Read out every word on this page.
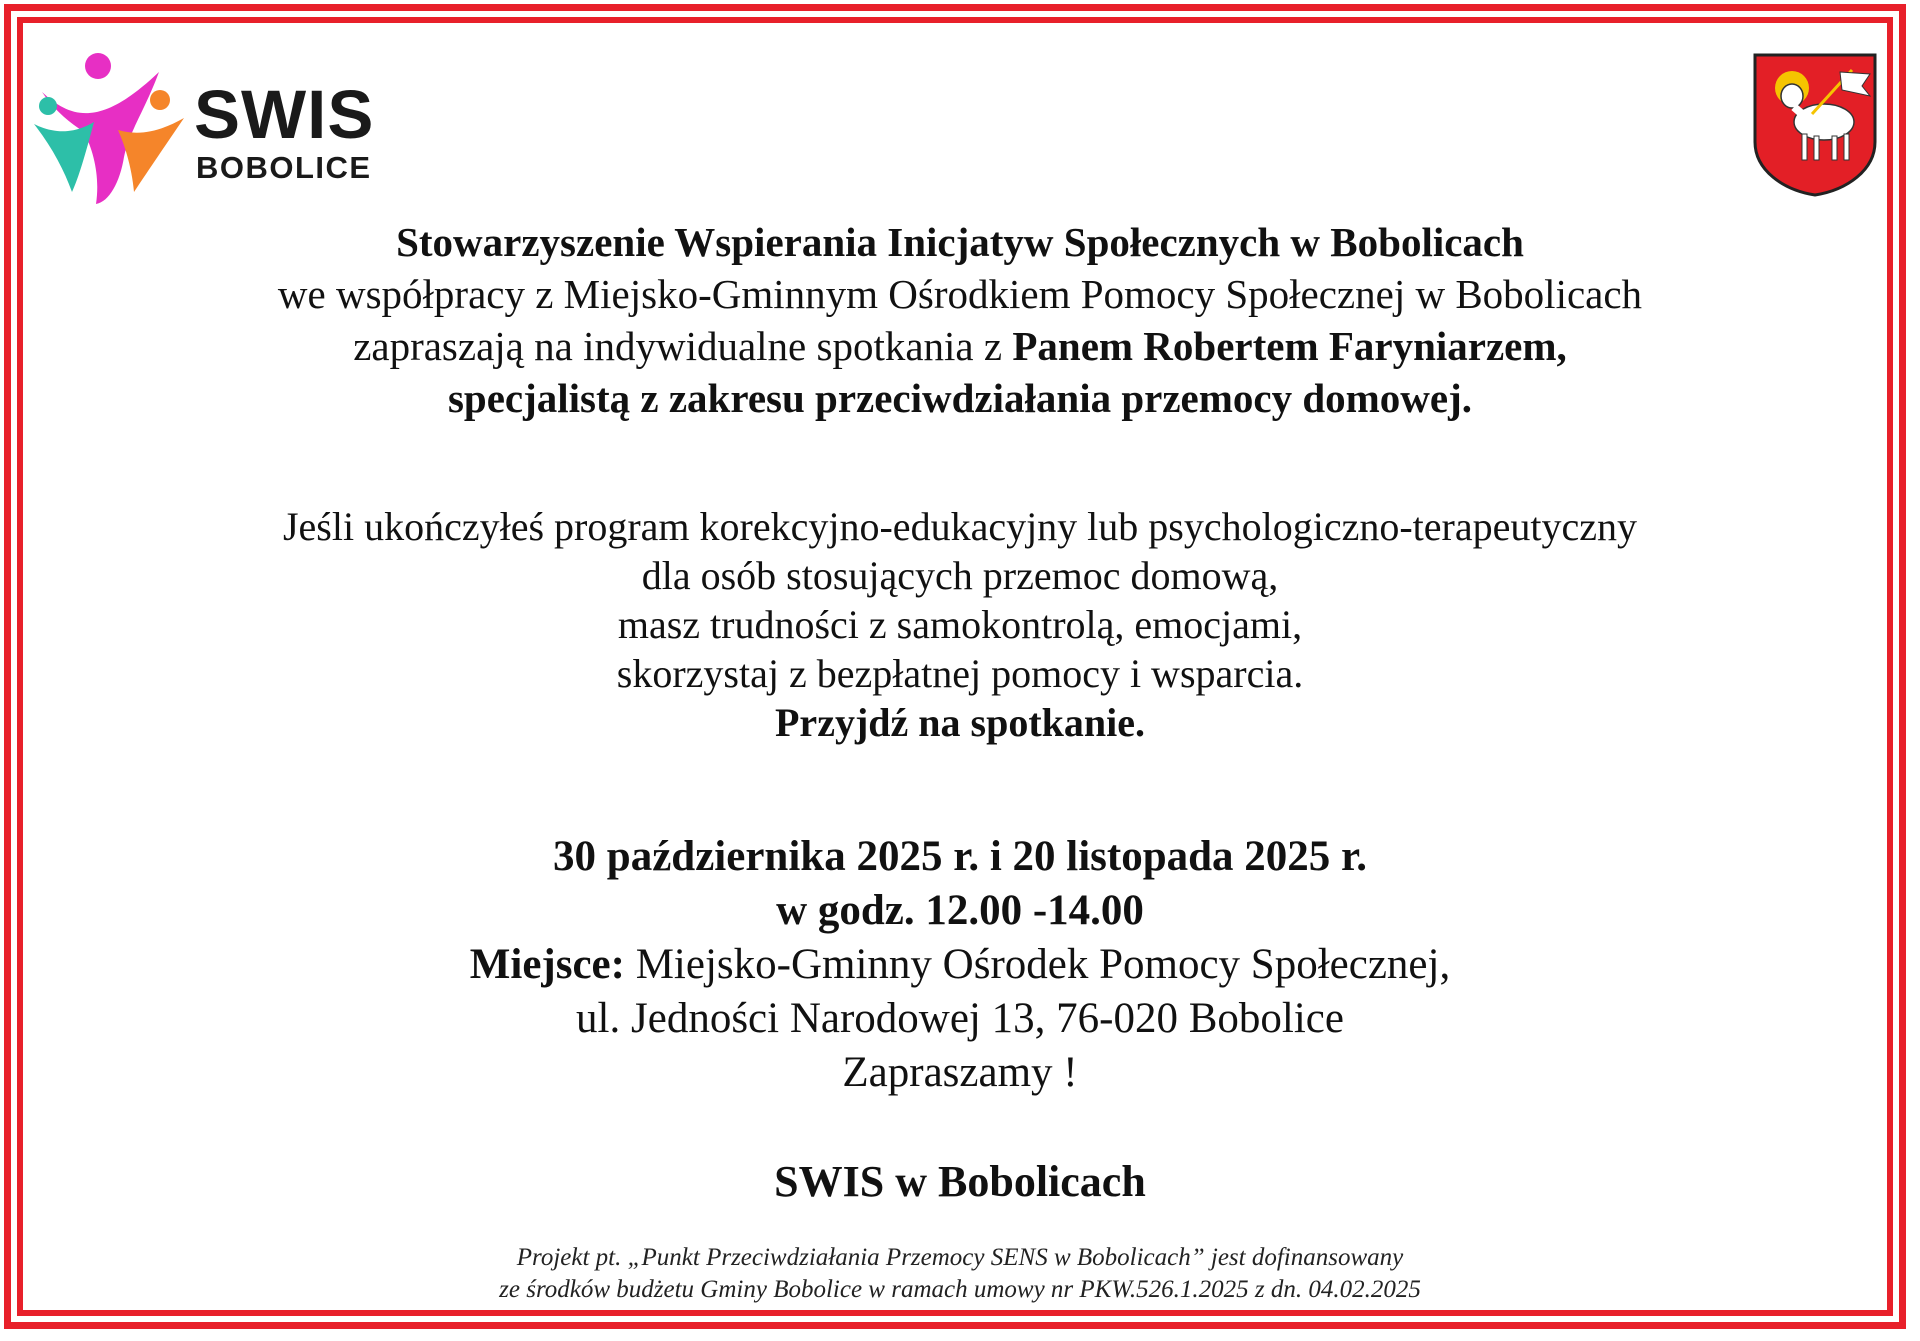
SWIS
BOBOLICE
Stowarzyszenie Wspierania Inicjatyw Społecznych w Bobolicach
we współpracy z Miejsko-Gminnym Ośrodkiem Pomocy Społecznej w Bobolicach
zapraszają na indywidualne spotkania z Panem Robertem Faryniarzem,
specjalistą z zakresu przeciwdziałania przemocy domowej.
Jeśli ukończyłeś program korekcyjno-edukacyjny lub psychologiczno-terapeutyczny
dla osób stosujących przemoc domową,
masz trudności z samokontrolą, emocjami,
skorzystaj z bezpłatnej pomocy i wsparcia.
Przyjdź na spotkanie.
30 października 2025 r. i 20 listopada 2025 r.
w godz. 12.00 -14.00
Miejsce: Miejsko-Gminny Ośrodek Pomocy Społecznej,
ul. Jedności Narodowej 13, 76-020 Bobolice
Zapraszamy !
SWIS w Bobolicach
Projekt pt. „Punkt Przeciwdziałania Przemocy SENS w Bobolicach” jest dofinansowany
ze środków budżetu Gminy Bobolice w ramach umowy nr PKW.526.1.2025 z dn. 04.02.2025
